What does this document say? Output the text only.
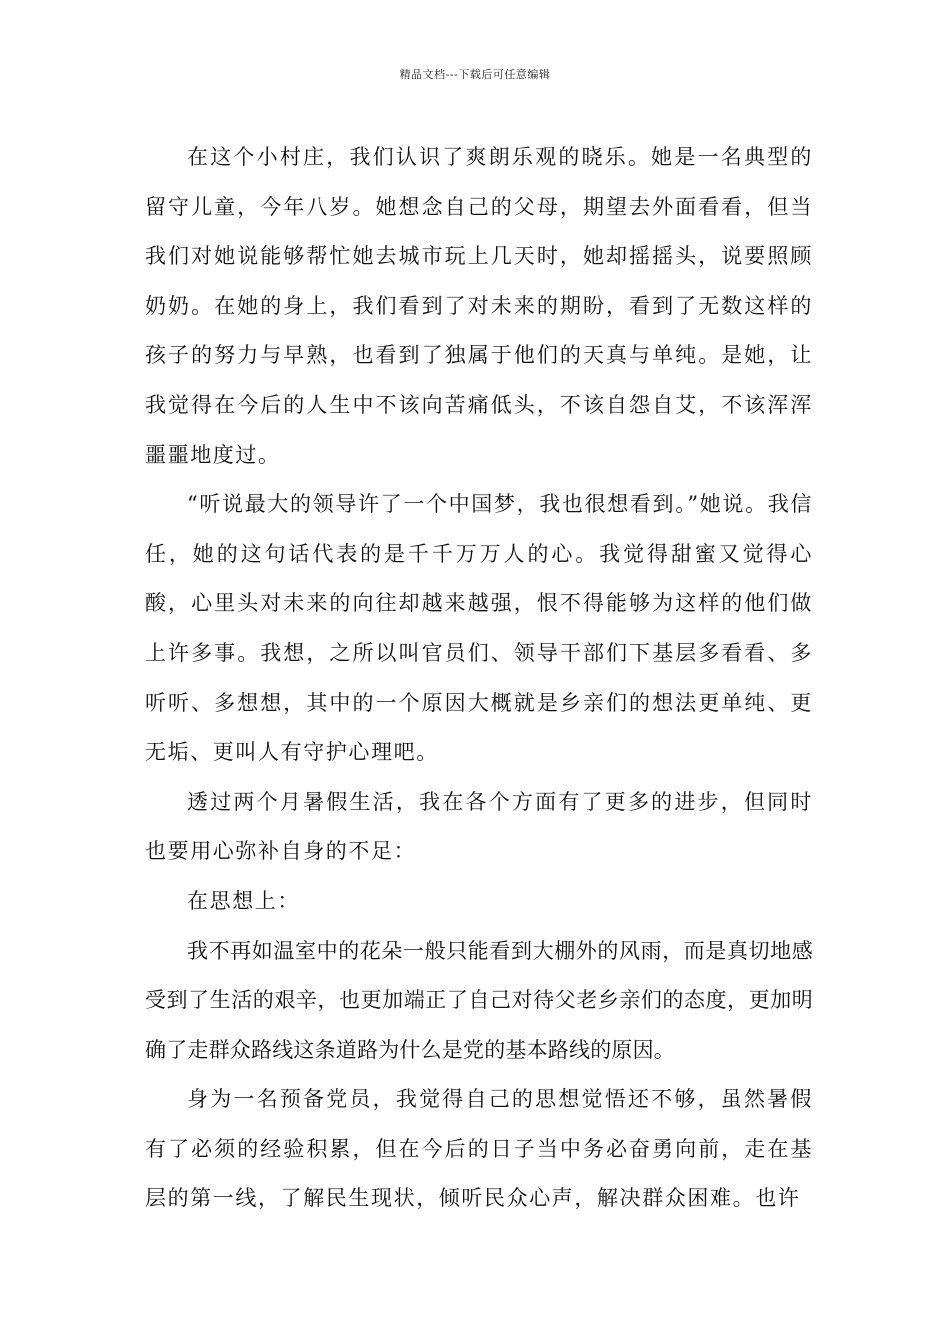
精品文档---下载后可任意编辑

在这个小村庄，我们认识了爽朗乐观的晓乐。她是一名典型的留守儿童，今年八岁。她想念自己的父母，期望去外面看看，但当我们对她说能够帮忙她去城市玩上几天时，她却摇摇头，说要照顾奶奶。在她的身上，我们看到了对未来的期盼，看到了无数这样的孩子的努力与早熟，也看到了独属于他们的天真与单纯。是她，让我觉得在今后的人生中不该向苦痛低头，不该自怨自艾，不该浑浑噩噩地度过。

“听说最大的领导许了一个中国梦，我也很想看到。”她说。我信任，她的这句话代表的是千千万万人的心。我觉得甜蜜又觉得心酸，心里头对未来的向往却越来越强，恨不得能够为这样的他们做上许多事。我想，之所以叫官员们、领导干部们下基层多看看、多听听、多想想，其中的一个原因大概就是乡亲们的想法更单纯、更无垢、更叫人有守护心理吧。

透过两个月暑假生活，我在各个方面有了更多的进步，但同时也要用心弥补自身的不足：

在思想上：

我不再如温室中的花朵一般只能看到大棚外的风雨，而是真切地感受到了生活的艰辛，也更加端正了自己对待父老乡亲们的态度，更加明确了走群众路线这条道路为什么是党的基本路线的原因。

身为一名预备党员，我觉得自己的思想觉悟还不够，虽然暑假有了必须的经验积累，但在今后的日子当中务必奋勇向前，走在基层的第一线，了解民生现状，倾听民众心声，解决群众困难。也许
